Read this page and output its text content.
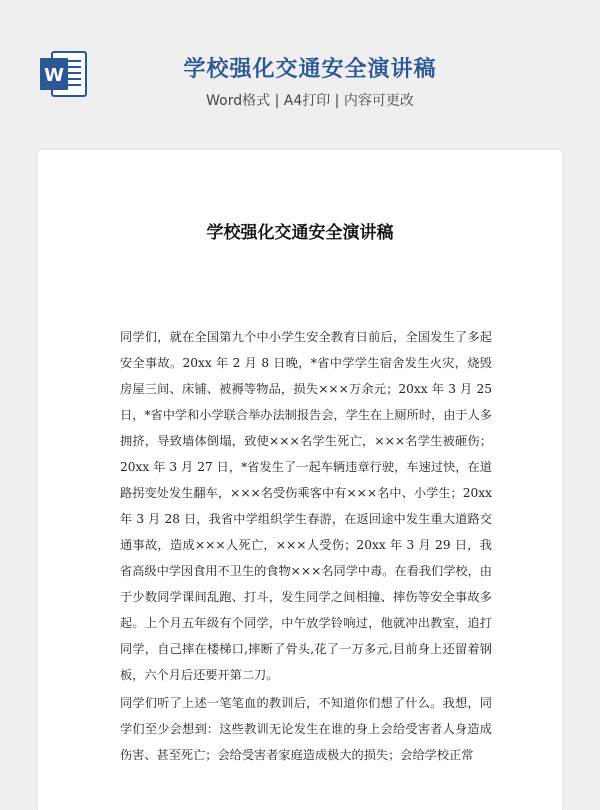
W	学校强化交通安全演讲稿
Word格式 | A4打印 | 内容可更改
学校强化交通安全演讲稿

同学们，就在全国第九个中小学生安全教育日前后，全国发生了多起安全事故。20xx 年 2 月 8 日晚，*省中学学生宿舍发生火灾，烧毁房屋三间、床铺、被褥等物品，损失×××万余元；20xx 年 3 月 25 日，*省中学和小学联合举办法制报告会，学生在上厕所时，由于人多拥挤，导致墙体倒塌，致使×××名学生死亡，×××名学生被砸伤；20xx 年 3 月 27 日，*省发生了一起车辆违章行驶，车速过快，在道路拐变处发生翻车，×××名受伤乘客中有×××名中、小学生；20xx 年 3 月 28 日，我省中学组织学生春游，在返回途中发生重大道路交通事故，造成×××人死亡，×××人受伤；20xx 年 3 月 29 日，我省高级中学因食用不卫生的食物×××名同学中毒。在看我们学校，由于少数同学课间乱跑、打斗，发生同学之间相撞、摔伤等安全事故多起。上个月五年级有个同学，中午放学铃响过，他就冲出教室，追打同学，自己摔在楼梯口,摔断了骨头,花了一万多元,目前身上还留着钢板，六个月后还要开第二刀。

同学们听了上述一笔笔血的教训后，不知道你们想了什么。我想，同学们至少会想到：这些教训无论发生在谁的身上会给受害者人身造成伤害、甚至死亡；会给受害者家庭造成极大的损失；会给学校正常
